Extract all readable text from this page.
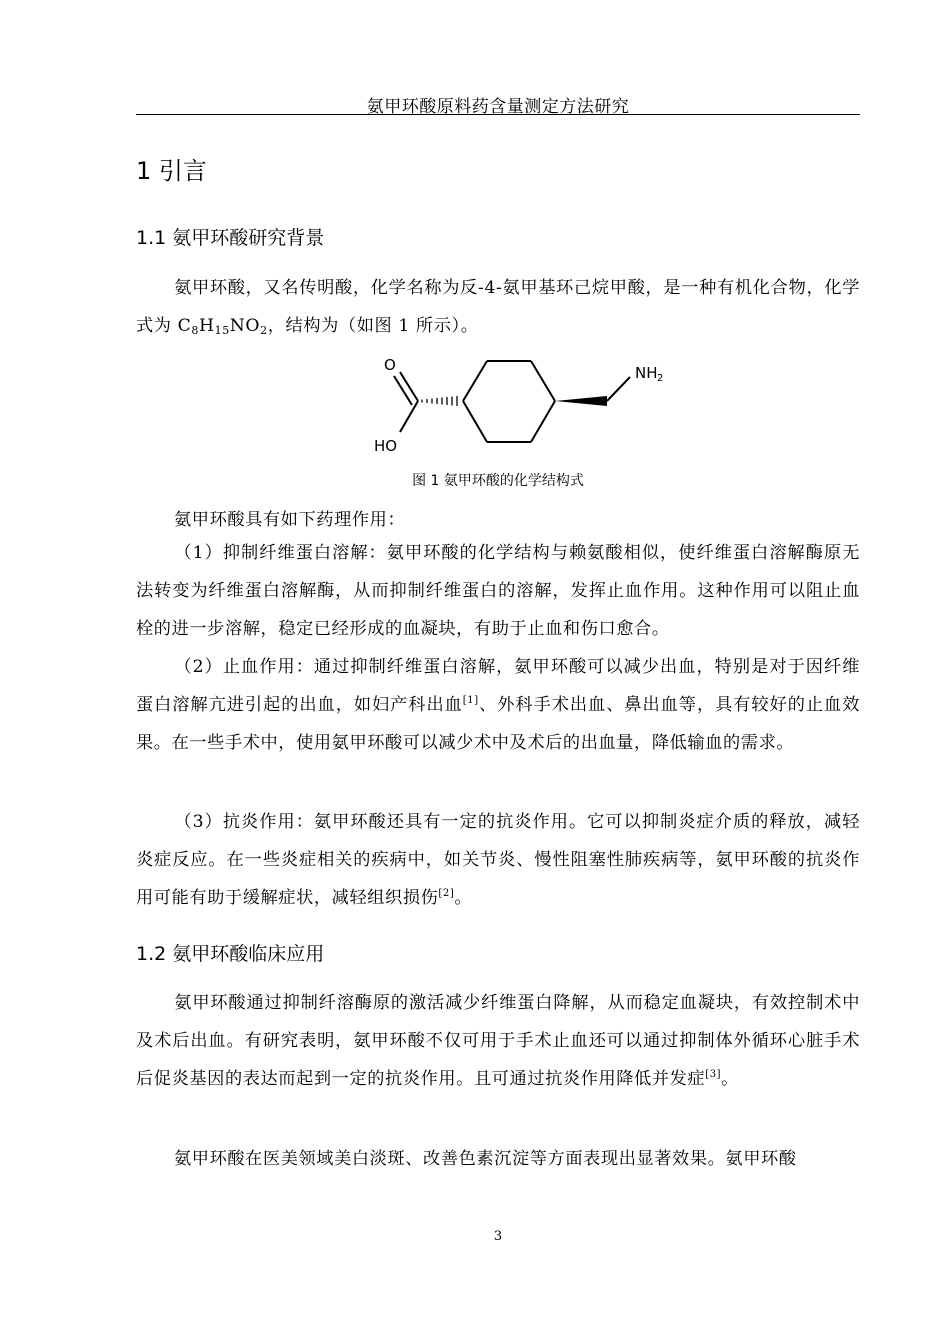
氨甲环酸原料药含量测定方法研究
1 引言
1.1 氨甲环酸研究背景
氨甲环酸，又名传明酸，化学名称为反-4-氨甲基环己烷甲酸，是一种有机化合物，化学式为 $C_8H_{15}NO_2$，结构为（如图 1 所示）。
O
HO
NH 2
图 1 氨甲环酸的化学结构式
氨甲环酸具有如下药理作用：
（1）抑制纤维蛋白溶解：氨甲环酸的化学结构与赖氨酸相似，使纤维蛋白溶解酶原无法转变为纤维蛋白溶解酶，从而抑制纤维蛋白的溶解，发挥止血作用。这种作用可以阻止血栓的进一步溶解，稳定已经形成的血凝块，有助于止血和伤口愈合。
（2）止血作用：通过抑制纤维蛋白溶解，氨甲环酸可以减少出血，特别是对于因纤维蛋白溶解亢进引起的出血，如妇产科出血[1]、外科手术出血、鼻出血等，具有较好的止血效果。在一些手术中，使用氨甲环酸可以减少术中及术后的出血量，降低输血的需求。
（3）抗炎作用：氨甲环酸还具有一定的抗炎作用。它可以抑制炎症介质的释放，减轻炎症反应。在一些炎症相关的疾病中，如关节炎、慢性阻塞性肺疾病等，氨甲环酸的抗炎作用可能有助于缓解症状，减轻组织损伤[2]。
1.2 氨甲环酸临床应用
氨甲环酸通过抑制纤溶酶原的激活减少纤维蛋白降解，从而稳定血凝块，有效控制术中及术后出血。有研究表明，氨甲环酸不仅可用于手术止血还可以通过抑制体外循环心脏手术后促炎基因的表达而起到一定的抗炎作用。且可通过抗炎作用降低并发症[3]。
氨甲环酸在医美领域美白淡斑、改善色素沉淀等方面表现出显著效果。氨甲环酸
3
